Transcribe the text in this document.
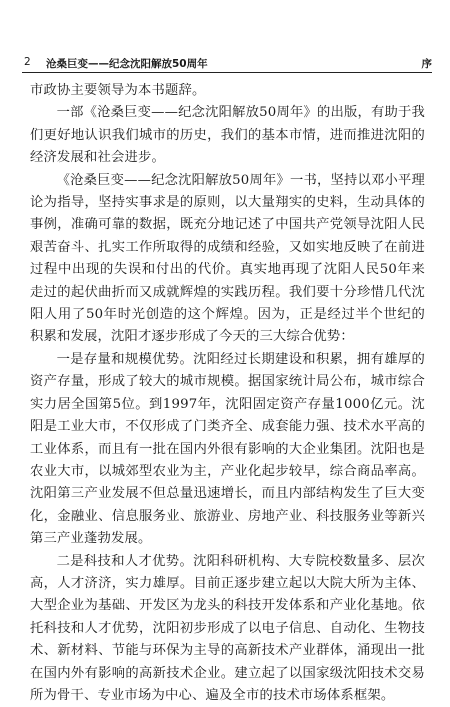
2 沧桑巨变——纪念沈阳解放50周年	序

市政协主要领导为本书题辞。

一部《沧桑巨变——纪念沈阳解放50周年》的出版，有助于我们更好地认识我们城市的历史，我们的基本市情，进而推进沈阳的经济发展和社会进步。

《沧桑巨变——纪念沈阳解放50周年》一书，坚持以邓小平理论为指导，坚持实事求是的原则，以大量翔实的史料，生动具体的事例，准确可靠的数据，既充分地记述了中国共产党领导沈阳人民艰苦奋斗、扎实工作所取得的成绩和经验，又如实地反映了在前进过程中出现的失误和付出的代价。真实地再现了沈阳人民50年来走过的起伏曲折而又成就辉煌的实践历程。我们要十分珍惜几代沈阳人用了50年时光创造的这个辉煌。因为，正是经过半个世纪的积累和发展，沈阳才逐步形成了今天的三大综合优势：

一是存量和规模优势。沈阳经过长期建设和积累，拥有雄厚的资产存量，形成了较大的城市规模。据国家统计局公布，城市综合实力居全国第5位。到1997年，沈阳固定资产存量1000亿元。沈阳是工业大市，不仅形成了门类齐全、成套能力强、技术水平高的工业体系，而且有一批在国内外很有影响的大企业集团。沈阳也是农业大市，以城郊型农业为主，产业化起步较早，综合商品率高。沈阳第三产业发展不但总量迅速增长，而且内部结构发生了巨大变化，金融业、信息服务业、旅游业、房地产业、科技服务业等新兴第三产业蓬勃发展。

二是科技和人才优势。沈阳科研机构、大专院校数量多、层次高，人才济济，实力雄厚。目前正逐步建立起以大院大所为主体、大型企业为基础、开发区为龙头的科技开发体系和产业化基地。依托科技和人才优势，沈阳初步形成了以电子信息、自动化、生物技术、新材料、节能与环保为主导的高新技术产业群体，涌现出一批在国内外有影响的高新技术企业。建立起了以国家级沈阳技术交易所为骨干、专业市场为中心、遍及全市的技术市场体系框架。
